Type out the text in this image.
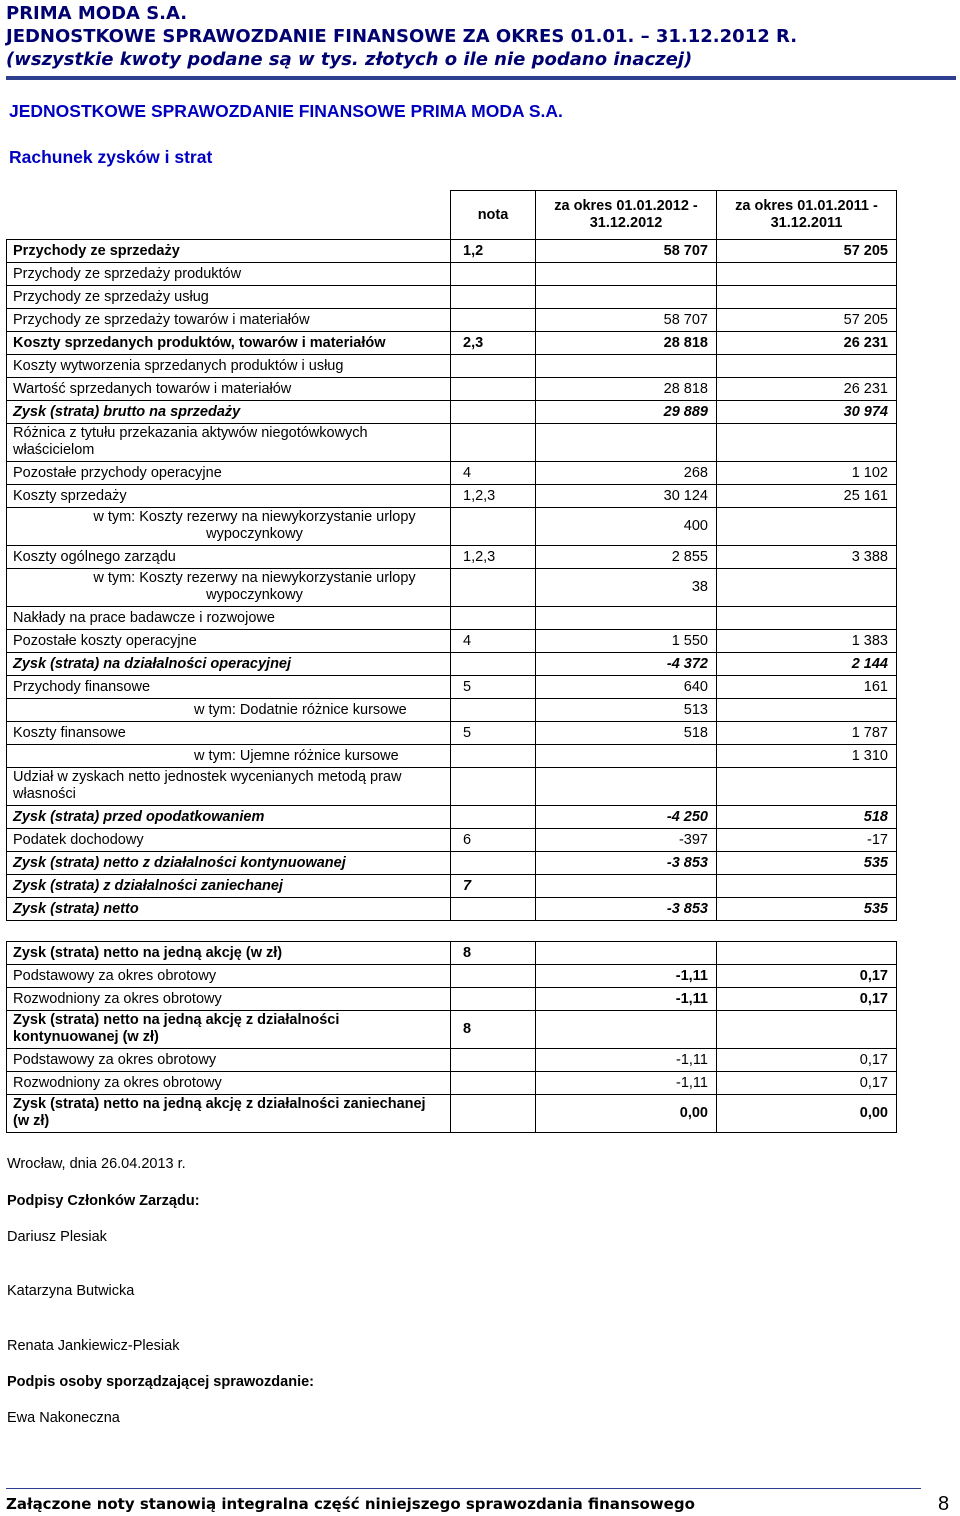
PRIMA MODA S.A.
JEDNOSTKOWE SPRAWOZDANIE FINANSOWE ZA OKRES 01.01. – 31.12.2012 R.
(wszystkie kwoty podane są w tys. złotych o ile nie podano inaczej)
JEDNOSTKOWE SPRAWOZDANIE FINANSOWE PRIMA MODA S.A.
Rachunek zysków i strat
	nota	za okres 01.01.2012 - 31.12.2012	za okres 01.01.2011 - 31.12.2011
Przychody ze sprzedaży	1,2	58 707	57 205
Przychody ze sprzedaży produktów			
Przychody ze sprzedaży usług			
Przychody ze sprzedaży towarów i materiałów		58 707	57 205
Koszty sprzedanych produktów, towarów i materiałów	2,3	28 818	26 231
Koszty wytworzenia sprzedanych produktów i usług			
Wartość sprzedanych towarów i materiałów		28 818	26 231
Zysk (strata) brutto na sprzedaży		29 889	30 974
Różnica z tytułu przekazania aktywów niegotówkowych właścicielom			
Pozostałe przychody operacyjne	4	268	1 102
Koszty sprzedaży	1,2,3	30 124	25 161
w tym: Koszty rezerwy na niewykorzystanie urlopy wypoczynkowy		400	
Koszty ogólnego zarządu	1,2,3	2 855	3 388
w tym: Koszty rezerwy na niewykorzystanie urlopy wypoczynkowy		38	
Nakłady na prace badawcze i rozwojowe			
Pozostałe koszty operacyjne	4	1 550	1 383
Zysk (strata) na działalności operacyjnej		-4 372	2 144
Przychody finansowe	5	640	161
w tym: Dodatnie różnice kursowe		513	
Koszty finansowe	5	518	1 787
w tym: Ujemne różnice kursowe			1 310
Udział w zyskach netto jednostek wycenianych metodą praw własności			
Zysk (strata) przed opodatkowaniem		-4 250	518
Podatek dochodowy	6	-397	-17
Zysk (strata) netto z działalności kontynuowanej		-3 853	535
Zysk (strata) z działalności zaniechanej	7		
Zysk (strata) netto		-3 853	535

Zysk (strata) netto na jedną akcję (w zł)	8		
Podstawowy za okres obrotowy		-1,11	0,17
Rozwodniony za okres obrotowy		-1,11	0,17
Zysk (strata) netto na jedną akcję z działalności kontynuowanej (w zł)	8		
Podstawowy za okres obrotowy		-1,11	0,17
Rozwodniony za okres obrotowy		-1,11	0,17
Zysk (strata) netto na jedną akcję z działalności zaniechanej (w zł)		0,00	0,00
Wrocław, dnia 26.04.2013 r.
Podpisy Członków Zarządu:
Dariusz Plesiak
Katarzyna Butwicka
Renata Jankiewicz-Plesiak
Podpis osoby sporządzającej sprawozdanie:
Ewa Nakoneczna
Załączone noty stanowią integralna część niniejszego sprawozdania finansowego	8
